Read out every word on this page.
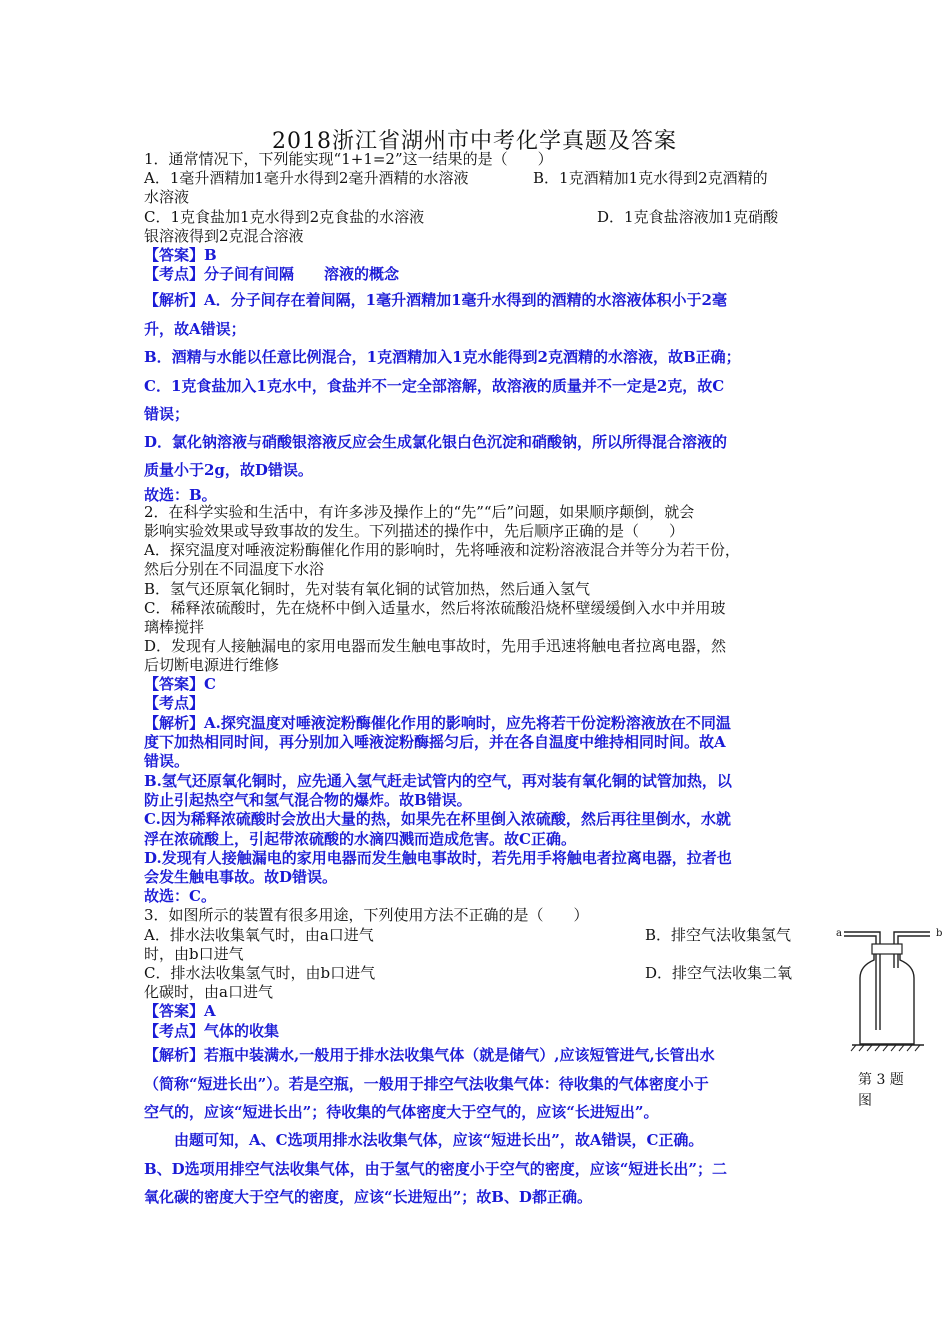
2018浙江省湖州市中考化学真题及答案
1．通常情况下，下列能实现“1+1=2”这一结果的是（　　）
A．1毫升酒精加1毫升水得到2毫升酒精的水溶液	B．1克酒精加1克水得到2克酒精的
水溶液
C．1克食盐加1克水得到2克食盐的水溶液	D．1克食盐溶液加1克硝酸
银溶液得到2克混合溶液
【答案】B
【考点】分子间有间隔　　溶液的概念
【解析】A．分子间存在着间隔，1毫升酒精加1毫升水得到的酒精的水溶液体积小于2毫
升，故A错误；
B．酒精与水能以任意比例混合，1克酒精加入1克水能得到2克酒精的水溶液，故B正确；
C．1克食盐加入1克水中，食盐并不一定全部溶解，故溶液的质量并不一定是2克，故C
错误；
D．氯化钠溶液与硝酸银溶液反应会生成氯化银白色沉淀和硝酸钠，所以所得混合溶液的
质量小于2g，故D错误。
故选：B。
2．在科学实验和生活中，有许多涉及操作上的“先”“后”问题，如果顺序颠倒，就会
影响实验效果或导致事故的发生。下列描述的操作中，先后顺序正确的是（　　）
A．探究温度对唾液淀粉酶催化作用的影响时，先将唾液和淀粉溶液混合并等分为若干份，
然后分别在不同温度下水浴
B．氢气还原氧化铜时，先对装有氧化铜的试管加热，然后通入氢气
C．稀释浓硫酸时，先在烧杯中倒入适量水，然后将浓硫酸沿烧杯壁缓缓倒入水中并用玻
璃棒搅拌
D．发现有人接触漏电的家用电器而发生触电事故时，先用手迅速将触电者拉离电器，然
后切断电源进行维修
【答案】C
【考点】
【解析】A.探究温度对唾液淀粉酶催化作用的影响时，应先将若干份淀粉溶液放在不同温
度下加热相同时间，再分别加入唾液淀粉酶摇匀后，并在各自温度中维持相同时间。故A
错误。
B.氢气还原氧化铜时，应先通入氢气赶走试管内的空气，再对装有氧化铜的试管加热，以
防止引起热空气和氢气混合物的爆炸。故B错误。
C.因为稀释浓硫酸时会放出大量的热，如果先在杯里倒入浓硫酸，然后再往里倒水，水就
浮在浓硫酸上，引起带浓硫酸的水滴四溅而造成危害。故C正确。
D.发现有人接触漏电的家用电器而发生触电事故时，若先用手将触电者拉离电器，拉者也
会发生触电事故。故D错误。
故选：C。
3．如图所示的装置有很多用途，下列使用方法不正确的是（　　）
A．排水法收集氧气时，由a口进气	B．排空气法收集氢气
时，由b口进气
C．排水法收集氢气时，由b口进气	D．排空气法收集二氧
化碳时，由a口进气
【答案】A
【考点】气体的收集
【解析】若瓶中装满水,一般用于排水法收集气体（就是储气）,应该短管进气,长管出水
（简称“短进长出”）。若是空瓶，一般用于排空气法收集气体：待收集的气体密度小于
空气的，应该“短进长出”；待收集的气体密度大于空气的，应该“长进短出”。
　　由题可知，A、C选项用排水法收集气体，应该“短进长出”，故A错误，C正确。
B、D选项用排空气法收集气体，由于氢气的密度小于空气的密度，应该“短进长出”；二
氧化碳的密度大于空气的密度，应该“长进短出”；故B、D都正确。
a	b
第 3 题
图
